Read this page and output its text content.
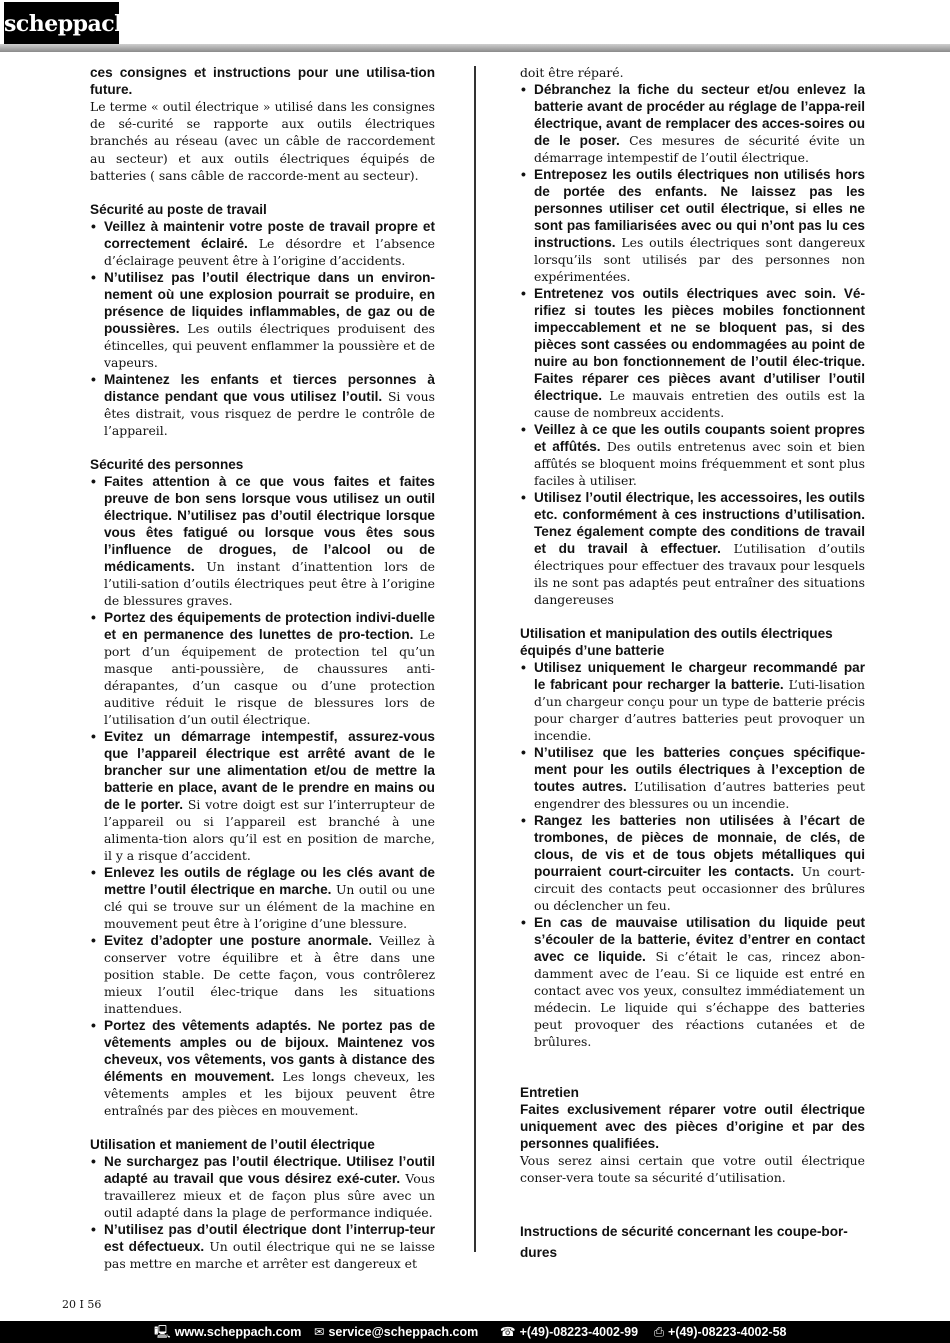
scheppach

ces consignes et instructions pour une utilisa-tion future.

Le terme « outil électrique » utilisé dans les consignes de sé-curité se rapporte aux outils électriques branchés au réseau (avec un câble de raccordement au secteur) et aux outils électriques équipés de batteries ( sans câble de raccorde-ment au secteur).

Sécurité au poste de travail

• Veillez à maintenir votre poste de travail propre et correctement éclairé. Le désordre et l’absence d’éclairage peuvent être à l’origine d’accidents.
• N’utilisez pas l’outil électrique dans un environ-nement où une explosion pourrait se produire, en présence de liquides inflammables, de gaz ou de poussières. Les outils électriques produisent des étincelles, qui peuvent enflammer la poussière et de vapeurs.
• Maintenez les enfants et tierces personnes à distance pendant que vous utilisez l’outil. Si vous êtes distrait, vous risquez de perdre le contrôle de l’appareil.

Sécurité des personnes

• Faites attention à ce que vous faites et faites preuve de bon sens lorsque vous utilisez un outil électrique. N’utilisez pas d’outil électrique lorsque vous êtes fatigué ou lorsque vous êtes sous l’influence de drogues, de l’alcool ou de médicaments. Un instant d’inattention lors de l’utili-sation d’outils électriques peut être à l’origine de blessures graves.
• Portez des équipements de protection indivi-duelle et en permanence des lunettes de pro-tection. Le port d’un équipement de protection tel qu’un masque anti-poussière, de chaussures anti-dérapantes, d’un casque ou d’une protection auditive réduit le risque de blessures lors de l’utilisation d’un outil électrique.
• Evitez un démarrage intempestif, assurez-vous que l’appareil électrique est arrêté avant de le brancher sur une alimentation et/ou de mettre la batterie en place, avant de le prendre en mains ou de le porter. Si votre doigt est sur l’interrupteur de l’appareil ou si l’appareil est branché à une alimenta-tion alors qu’il est en position de marche, il y a risque d’accident.
• Enlevez les outils de réglage ou les clés avant de mettre l’outil électrique en marche. Un outil ou une clé qui se trouve sur un élément de la machine en mouvement peut être à l’origine d’une blessure.
• Evitez d’adopter une posture anormale. Veillez à conserver votre équilibre et à être dans une position stable. De cette façon, vous contrôlerez mieux l’outil élec-trique dans les situations inattendues.
• Portez des vêtements adaptés. Ne portez pas de vêtements amples ou de bijoux. Maintenez vos cheveux, vos vêtements, vos gants à distance des éléments en mouvement. Les longs cheveux, les vêtements amples et les bijoux peuvent être entraînés par des pièces en mouvement.

Utilisation et maniement de l’outil électrique

• Ne surchargez pas l’outil électrique. Utilisez l’outil adapté au travail que vous désirez exé-cuter. Vous travaillerez mieux et de façon plus sûre avec un outil adapté dans la plage de performance indiquée.
• N’utilisez pas d’outil électrique dont l’interrup-teur est défectueux. Un outil électrique qui ne se laisse pas mettre en marche et arrêter est dangereux et

doit être réparé.

• Débranchez la fiche du secteur et/ou enlevez la batterie avant de procéder au réglage de l’appa-reil électrique, avant de remplacer des acces-soires ou de le poser. Ces mesures de sécurité évite un démarrage intempestif de l’outil électrique.
• Entreposez les outils électriques non utilisés hors de portée des enfants. Ne laissez pas les personnes utiliser cet outil électrique, si elles ne sont pas familiarisées avec ou qui n’ont pas lu ces instructions. Les outils électriques sont dangereux lorsqu’ils sont utilisés par des personnes non expérimentées.
• Entretenez vos outils électriques avec soin. Vé-rifiez si toutes les pièces mobiles fonctionnent impeccablement et ne se bloquent pas, si des pièces sont cassées ou endommagées au point de nuire au bon fonctionnement de l’outil élec-trique. Faites réparer ces pièces avant d’utiliser l’outil électrique. Le mauvais entretien des outils est la cause de nombreux accidents.
• Veillez à ce que les outils coupants soient propres et affûtés. Des outils entretenus avec soin et bien affûtés se bloquent moins fréquemment et sont plus faciles à utiliser.
• Utilisez l’outil électrique, les accessoires, les outils etc. conformément à ces instructions d’utilisation. Tenez également compte des conditions de travail et du travail à effectuer. L’utilisation d’outils électriques pour effectuer des travaux pour lesquels ils ne sont pas adaptés peut entraîner des situations dangereuses

Utilisation et manipulation des outils électriques équipés d’une batterie

• Utilisez uniquement le chargeur recommandé par le fabricant pour recharger la batterie. L’uti-lisation d’un chargeur conçu pour un type de batterie précis pour charger d’autres batteries peut provoquer un incendie.
• N’utilisez que les batteries conçues spécifique-ment pour les outils électriques à l’exception de toutes autres. L’utilisation d’autres batteries peut engendrer des blessures ou un incendie.
• Rangez les batteries non utilisées à l’écart de trombones, de pièces de monnaie, de clés, de clous, de vis et de tous objets métalliques qui pourraient court-circuiter les contacts. Un court-circuit des contacts peut occasionner des brûlures ou déclencher un feu.
• En cas de mauvaise utilisation du liquide peut s’écouler de la batterie, évitez d’entrer en contact avec ce liquide. Si c’était le cas, rincez abon-damment avec de l’eau. Si ce liquide est entré en contact avec vos yeux, consultez immédiatement un médecin. Le liquide qui s’échappe des batteries peut provoquer des réactions cutanées et de brûlures.

Entretien

Faites exclusivement réparer votre outil électrique uniquement avec des pièces d’origine et par des personnes qualifiées.

Vous serez ainsi certain que votre outil électrique conser-vera toute sa sécurité d’utilisation.

Instructions de sécurité concernant les coupe-bor-dures

20 I 56
🖳 www.scheppach.com ✉ service@scheppach.com ☎ +(49)-08223-4002-99 ⎙ +(49)-08223-4002-58
